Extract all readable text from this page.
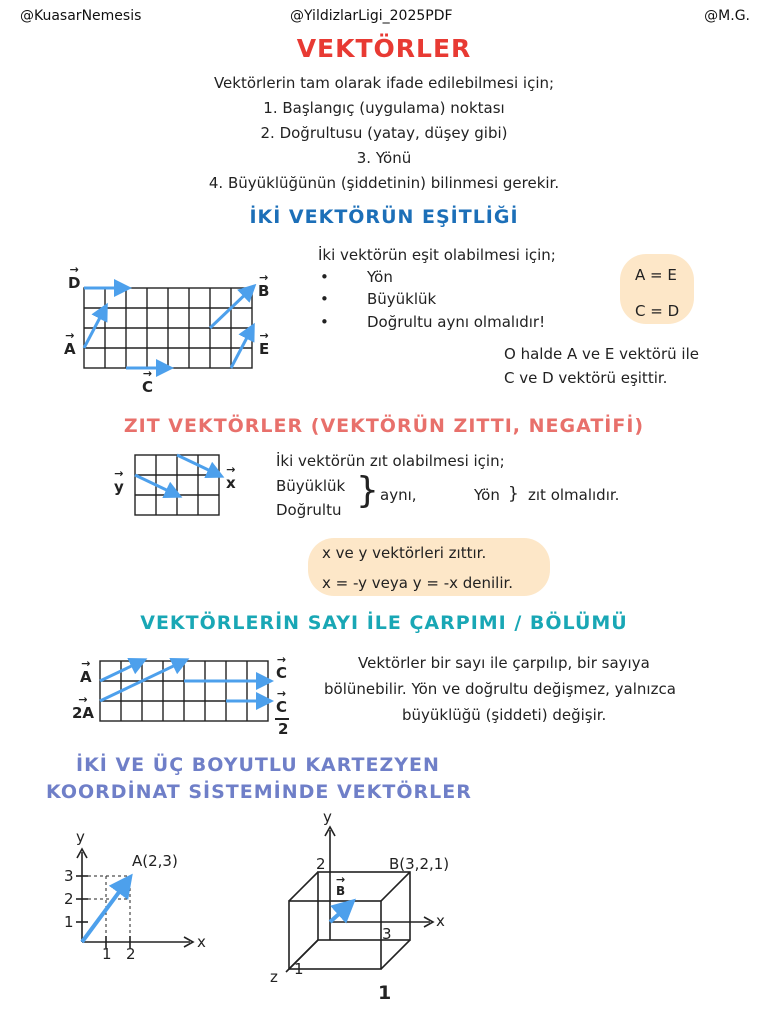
@KuasarNemesis	@YildizlarLigi_2025PDF	@M.G.
VEKTÖRLER
Vektörlerin tam olarak ifade edilebilmesi için;
1. Başlangıç (uygulama) noktası
2. Doğrultusu (yatay, düşey gibi)
3. Yönü
4. Büyüklüğünün (şiddetinin) bilinmesi gerekir.
İKİ VEKTÖRÜN EŞİTLİĞİ
→ D
→ A
→ B
→ E
→ C
İki vektörün eşit olabilmesi için;
•        Yön
•        Büyüklük
•        Doğrultu aynı olmalıdır!
A = E
C = D
O halde A ve E vektörü ile
C ve D vektörü eşittir.
ZIT VEKTÖRLER (VEKTÖRÜN ZITTI, NEGATİFİ)
→ y
→	x
İki vektörün zıt olabilmesi için;
Büyüklük
Doğrultu } aynı,	Yön } zıt olmalıdır.
x ve y vektörleri zıttır.
x = -y veya y = -x denilir.
VEKTÖRLERİN SAYI İLE ÇARPIMI / BÖLÜMÜ
→ A
→ 2A
→ C
→ C
2
Vektörler bir sayı ile çarpılıp, bir sayıya
bölünebilir. Yön ve doğrultu değişmez, yalnızca
büyüklüğü (şiddeti) değişir.
İKİ VE ÜÇ BOYUTLU KARTEZYEN
KOORDİNAT SİSTEMİNDE VEKTÖRLER
y
x
A(2,3)
3
2
1
1 2
y
x
z
B(3,2,1)
→ B
2
3
1
1
